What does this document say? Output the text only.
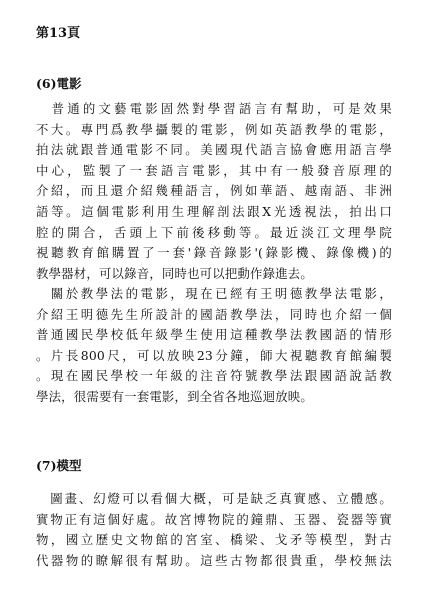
第13頁
(6)電影
　普通的文藝電影固然對學習語言有幫助，可是效果
不大。專門爲教學攝製的電影，例如英語教學的電影，
拍法就跟普通電影不同。美國現代語言協會應用語言學
中心，監製了一套語言電影，其中有一般發音原理的
介紹，而且還介紹幾種語言，例如華語、越南語、非洲
語等。這個電影利用生理解剖法跟X光透視法，拍出口
腔的開合，舌頭上下前後移動等。最近淡江文理學院
視聽教育館購置了一套'錄音錄影'(錄影機、錄像機)的
教學器材，可以錄音，同時也可以把動作錄進去。
　關於教學法的電影，現在已經有王明德教學法電影，
介紹王明德先生所設計的國語教學法，同時也介紹一個
普通國民學校低年級學生使用這種教學法教國語的情形
。片長800尺，可以放映23分鐘，師大視聽教育館編製
。現在國民學校一年級的注音符號教學法跟國語說話教
學法，很需要有一套電影，到全省各地巡迴放映。
(7)模型
　圖畫、幻燈可以看個大概，可是缺乏真實感、立體感。
實物正有這個好處。故宮博物院的鐘鼎、玉器、瓷器等實
物，國立歷史文物館的宮室、橋梁、戈矛等模型，對古
代器物的瞭解很有幫助。這些古物都很貴重，學校無法
